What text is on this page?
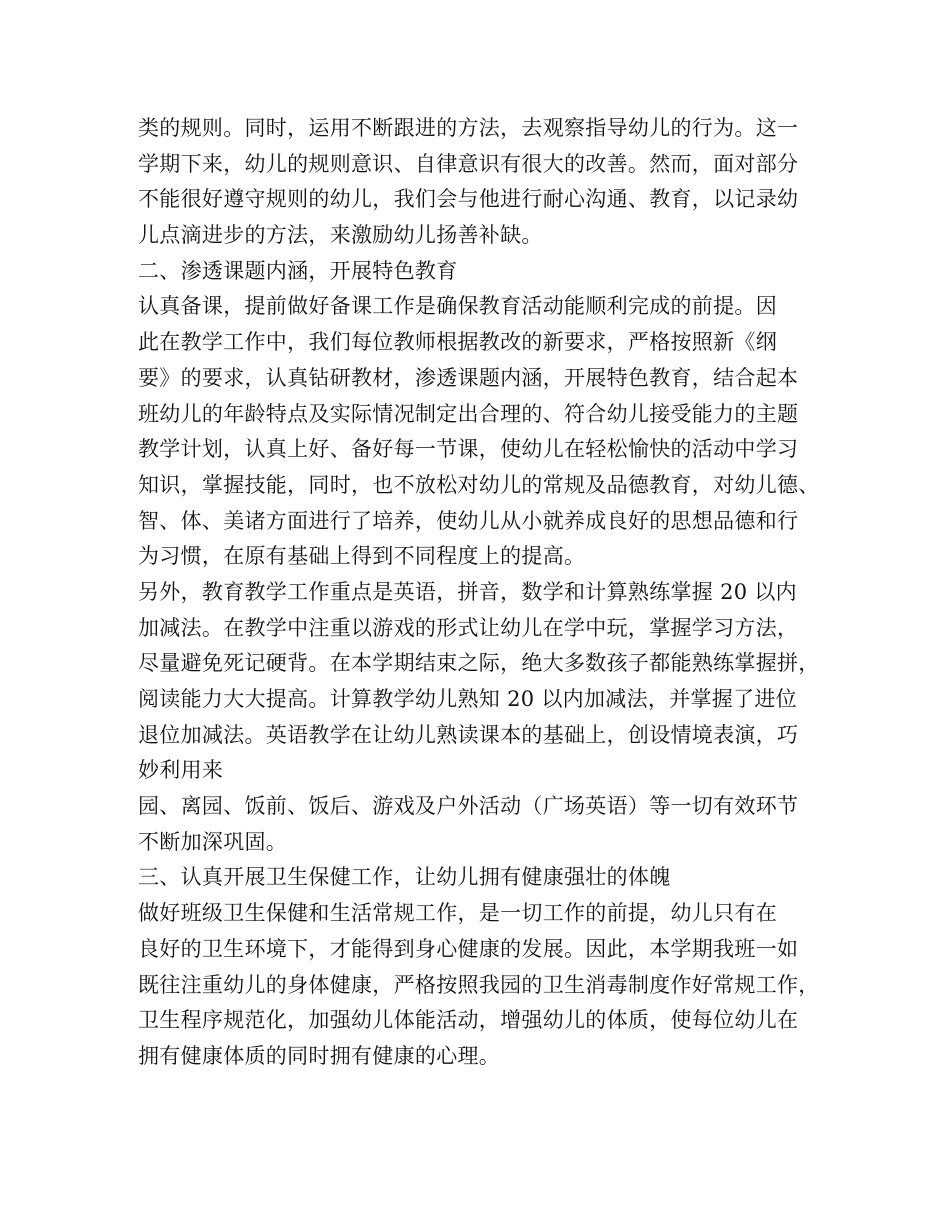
类的规则。同时，运用不断跟进的方法，去观察指导幼儿的行为。这一
学期下来，幼儿的规则意识、自律意识有很大的改善。然而，面对部分
不能很好遵守规则的幼儿，我们会与他进行耐心沟通、教育，以记录幼
儿点滴进步的方法，来激励幼儿扬善补缺。
二、渗透课题内涵，开展特色教育
认真备课，提前做好备课工作是确保教育活动能顺利完成的前提。因
此在教学工作中，我们每位教师根据教改的新要求，严格按照新《纲
要》的要求，认真钻研教材，渗透课题内涵，开展特色教育，结合起本
班幼儿的年龄特点及实际情况制定出合理的、符合幼儿接受能力的主题
教学计划，认真上好、备好每一节课，使幼儿在轻松愉快的活动中学习
知识，掌握技能，同时，也不放松对幼儿的常规及品德教育，对幼儿德、
智、体、美诸方面进行了培养，使幼儿从小就养成良好的思想品德和行
为习惯，在原有基础上得到不同程度上的提高。
另外，教育教学工作重点是英语，拼音，数学和计算熟练掌握 20 以内
加减法。在教学中注重以游戏的形式让幼儿在学中玩，掌握学习方法，
尽量避免死记硬背。在本学期结束之际，绝大多数孩子都能熟练掌握拼，
阅读能力大大提高。计算教学幼儿熟知 20 以内加减法，并掌握了进位
退位加减法。英语教学在让幼儿熟读课本的基础上，创设情境表演，巧
妙利用来
园、离园、饭前、饭后、游戏及户外活动（广场英语）等一切有效环节
不断加深巩固。
三、认真开展卫生保健工作，让幼儿拥有健康强壮的体魄
做好班级卫生保健和生活常规工作，是一切工作的前提，幼儿只有在
良好的卫生环境下，才能得到身心健康的发展。因此，本学期我班一如
既往注重幼儿的身体健康，严格按照我园的卫生消毒制度作好常规工作，
卫生程序规范化，加强幼儿体能活动，增强幼儿的体质，使每位幼儿在
拥有健康体质的同时拥有健康的心理。
